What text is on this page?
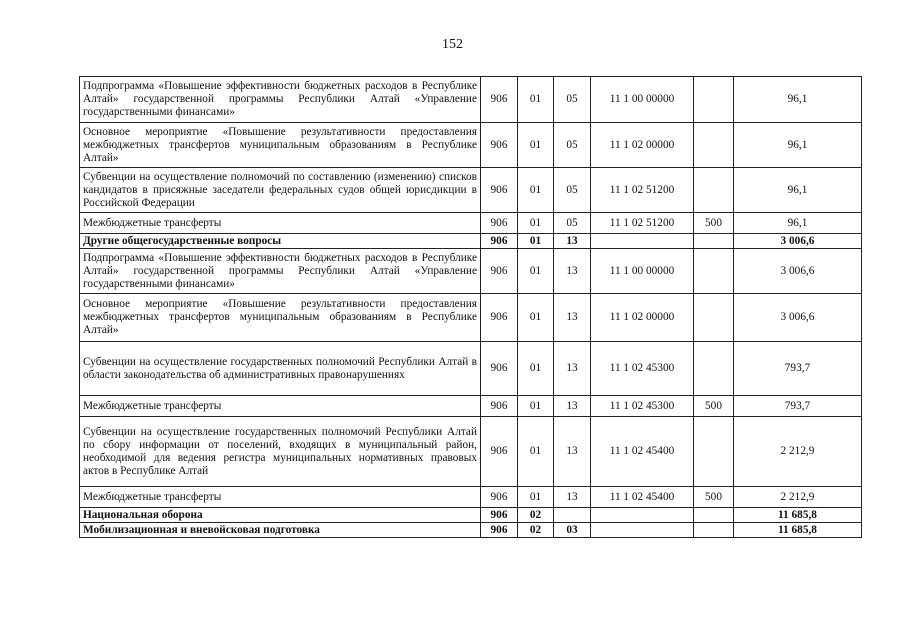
152
Подпрограмма «Повышение эффективности бюджетных расходов в Республике Алтай» государственной программы Республики Алтай «Управление государственными финансами»	906	01	05	11 1 00 00000		96,1
Основное мероприятие «Повышение результативности предоставления межбюджетных трансфертов муниципальным образованиям в Республике Алтай»	906	01	05	11 1 02 00000		96,1
Субвенции на осуществление полномочий по составлению (изменению) списков кандидатов в присяжные заседатели федеральных судов общей юрисдикции в Российской Федерации	906	01	05	11 1 02 51200		96,1
Межбюджетные трансферты	906	01	05	11 1 02 51200	500	96,1
Другие общегосударственные вопросы	906	01	13			3 006,6
Подпрограмма «Повышение эффективности бюджетных расходов в Республике Алтай» государственной программы Республики Алтай «Управление государственными финансами»	906	01	13	11 1 00 00000		3 006,6
Основное мероприятие «Повышение результативности предоставления межбюджетных трансфертов муниципальным образованиям в Республике Алтай»	906	01	13	11 1 02 00000		3 006,6
Субвенции на осуществление государственных полномочий Республики Алтай в области законодательства об административных правонарушениях	906	01	13	11 1 02 45300		793,7
Межбюджетные трансферты	906	01	13	11 1 02 45300	500	793,7
Субвенции на осуществление государственных полномочий Республики Алтай по сбору информации от поселений, входящих в муниципальный район, необходимой для ведения регистра муниципальных нормативных правовых актов в Республике Алтай	906	01	13	11 1 02 45400		2 212,9
Межбюджетные трансферты	906	01	13	11 1 02 45400	500	2 212,9
Национальная оборона	906	02				11 685,8
Мобилизационная и вневойсковая подготовка	906	02	03			11 685,8
